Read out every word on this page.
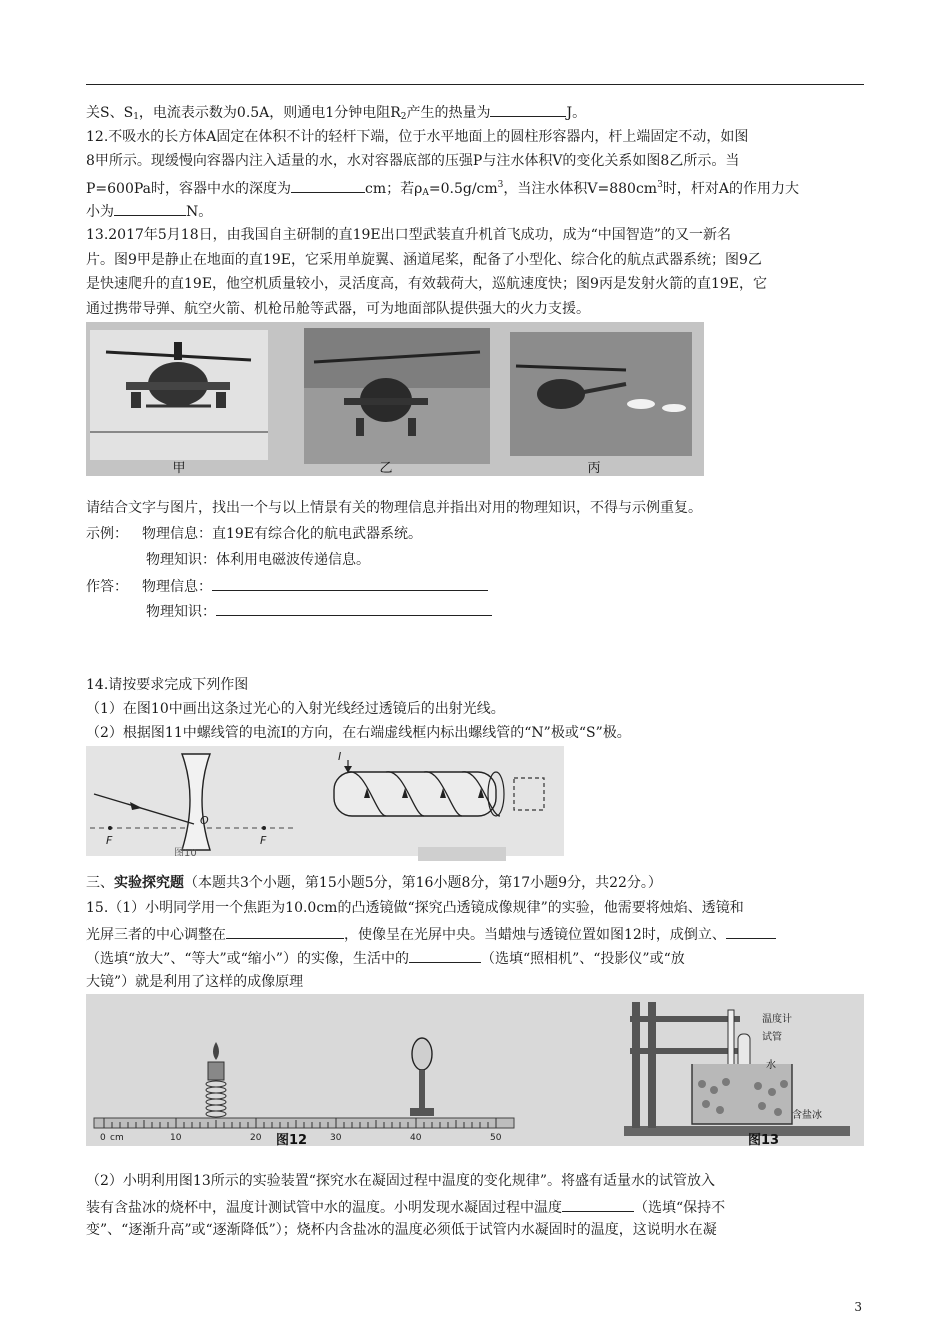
关S、$S_1$，电流表示数为0.5A，则通电1分钟电阻$R_2$产生的热量为	J。
12.不吸水的长方体A固定在体积不计的轻杆下端，位于水平地面上的圆柱形容器内，杆上端固定不动，如图
8甲所示。现缓慢向容器内注入适量的水，水对容器底部的压强P与注水体积V的变化关系如图8乙所示。当
P=600Pa时，容器中水的深度为	cm；若$\rho_A=0.5g/cm^3$，当注水体积$V=880cm^3$时，杆对A的作用力大
小为	N。
13.2017年5月18日，由我国自主研制的直19E出口型武装直升机首飞成功，成为“中国智造”的又一新名
片。图9甲是静止在地面的直19E，它采用单旋翼、涵道尾桨，配备了小型化、综合化的航点武器系统；图9乙
是快速爬升的直19E，他空机质量较小，灵活度高，有效载荷大，巡航速度快；图9丙是发射火箭的直19E，它
通过携带导弹、航空火箭、机枪吊舱等武器，可为地面部队提供强大的火力支援。
甲	乙	丙
请结合文字与图片，找出一个与以上情景有关的物理信息并指出对用的物理知识，不得与示例重复。
示例： 物理信息：直19E有综合化的航电武器系统。
物理知识：体利用电磁波传递信息。
作答： 物理信息：
物理知识：
14.请按要求完成下列作图
（1）在图10中画出这条过光心的入射光线经过透镜后的出射光线。
（2）根据图11中螺线管的电流I的方向，在右端虚线框内标出螺线管的“N”极或“S”极。
F	F
O
图10
I
三、实验探究题（本题共3个小题，第15小题5分，第16小题8分，第17小题9分，共22分。）
15.（1）小明同学用一个焦距为10.0cm的凸透镜做“探究凸透镜成像规律”的实验，他需要将烛焰、透镜和
光屏三者的中心调整在	，使像呈在光屏中央。当蜡烛与透镜位置如图12时，成倒立、
（选填“放大”、“等大”或“缩小”）的实像，生活中的	（选填“照相机”、“投影仪”或“放
大镜”）就是利用了这样的成像原理
0 cm	10	20	30	40	50
图12
温度计
试管
水
含盐冰
图13
（2）小明利用图13所示的实验装置“探究水在凝固过程中温度的变化规律”。将盛有适量水的试管放入
装有含盐冰的烧杯中，温度计测试管中水的温度。小明发现水凝固过程中温度	（选填“保持不
变”、“逐渐升高”或“逐渐降低”）；烧杯内含盐冰的温度必须低于试管内水凝固时的温度，这说明水在凝
3
